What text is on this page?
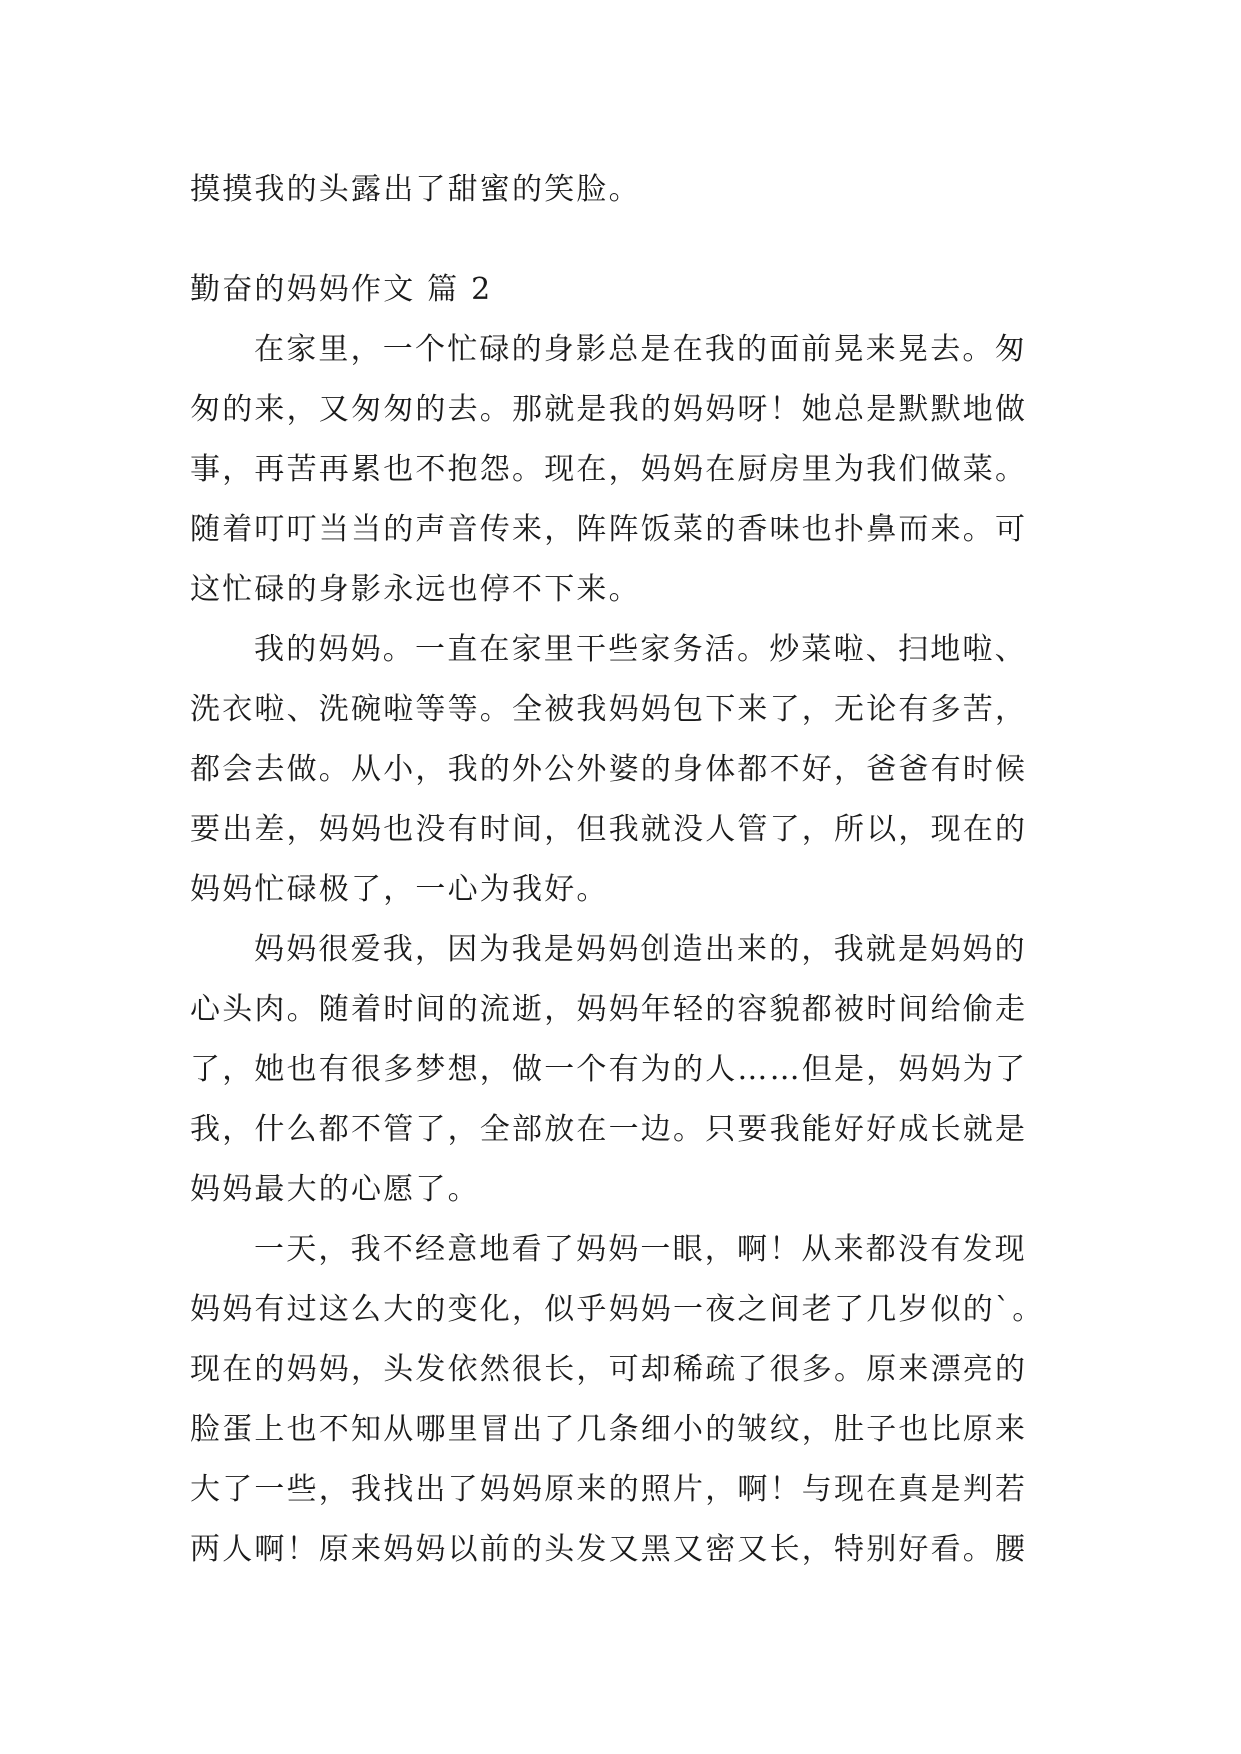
摸摸我的头露出了甜蜜的笑脸。
勤奋的妈妈作文 篇 2
在家里，一个忙碌的身影总是在我的面前晃来晃去。匆
匆的来，又匆匆的去。那就是我的妈妈呀！她总是默默地做
事，再苦再累也不抱怨。现在，妈妈在厨房里为我们做菜。
随着叮叮当当的声音传来，阵阵饭菜的香味也扑鼻而来。可
这忙碌的身影永远也停不下来。
我的妈妈。一直在家里干些家务活。炒菜啦、扫地啦、
洗衣啦、洗碗啦等等。全被我妈妈包下来了，无论有多苦，
都会去做。从小，我的外公外婆的身体都不好，爸爸有时候
要出差，妈妈也没有时间，但我就没人管了，所以，现在的
妈妈忙碌极了，一心为我好。
妈妈很爱我，因为我是妈妈创造出来的，我就是妈妈的
心头肉。随着时间的流逝，妈妈年轻的容貌都被时间给偷走
了，她也有很多梦想，做一个有为的人……但是，妈妈为了
我，什么都不管了，全部放在一边。只要我能好好成长就是
妈妈最大的心愿了。
一天，我不经意地看了妈妈一眼，啊！从来都没有发现
妈妈有过这么大的变化，似乎妈妈一夜之间老了几岁似的`。
现在的妈妈，头发依然很长，可却稀疏了很多。原来漂亮的
脸蛋上也不知从哪里冒出了几条细小的皱纹，肚子也比原来
大了一些，我找出了妈妈原来的照片，啊！与现在真是判若
两人啊！原来妈妈以前的头发又黑又密又长，特别好看。腰
